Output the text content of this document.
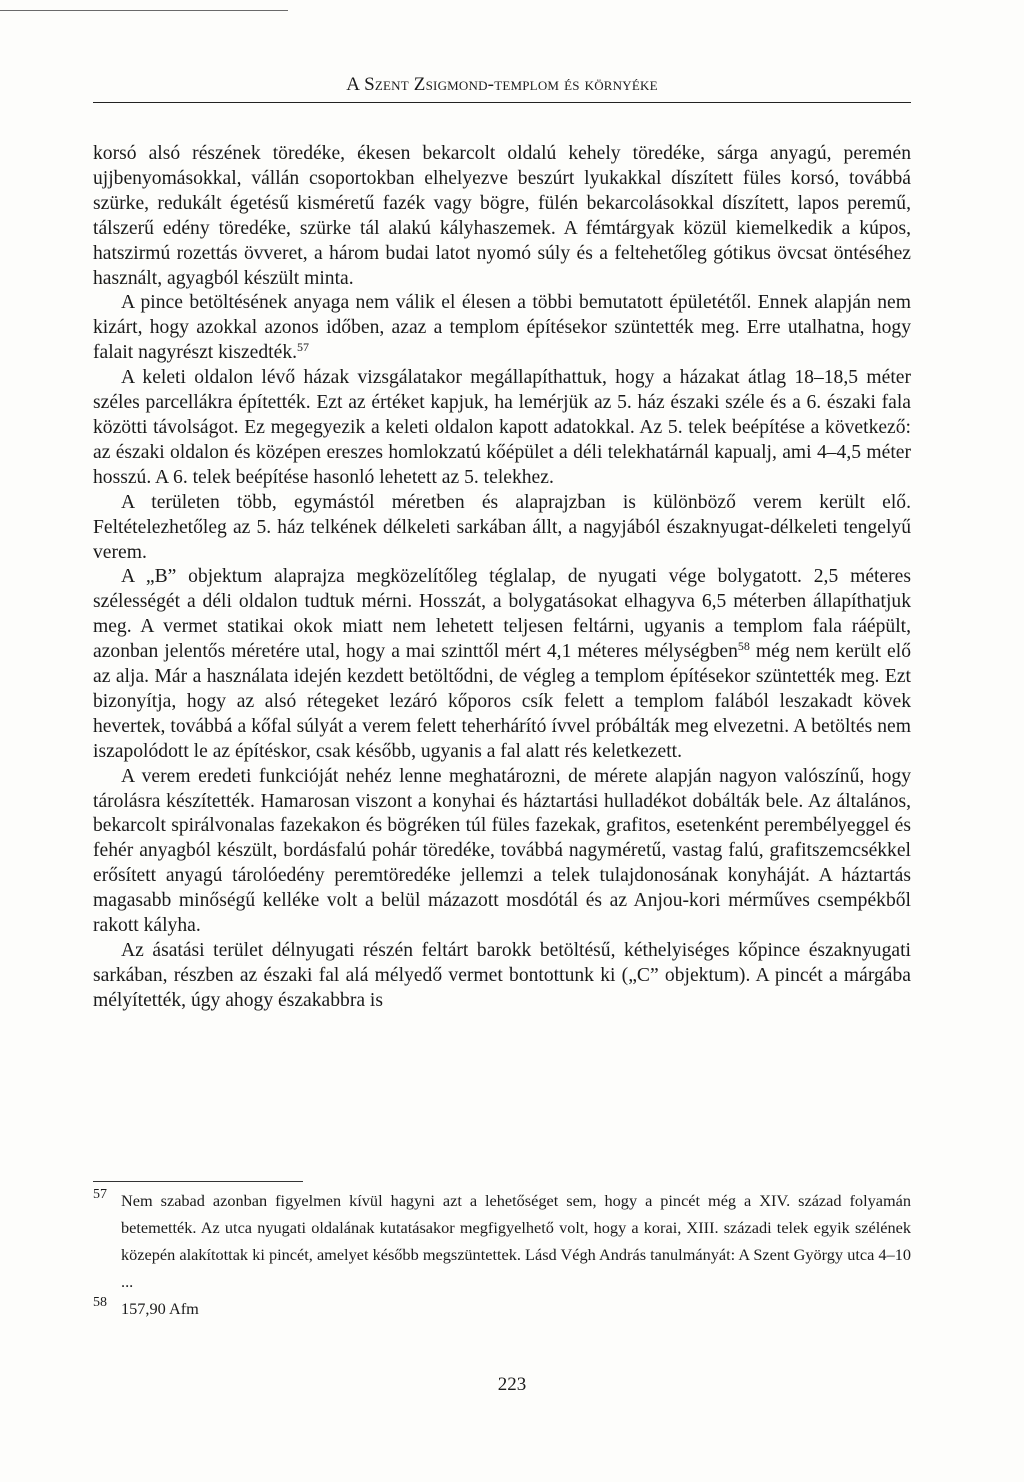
A Szent Zsigmond-templom és környéke

korsó alsó részének töredéke, ékesen bekarcolt oldalú kehely töredéke, sárga anyagú, peremén ujjbenyomásokkal, vállán csoportokban elhelyezve beszúrt lyukakkal díszített füles korsó, továbbá szürke, redukált égetésű kisméretű fazék vagy bögre, fülén bekarcolásokkal díszített, lapos peremű, tálszerű edény töredéke, szürke tál alakú kályhaszemek. A fémtárgyak közül kiemelkedik a kúpos, hatszirmú rozettás övveret, a három budai latot nyomó súly és a feltehetőleg gótikus övcsat öntéséhez használt, agyagból készült minta.

A pince betöltésének anyaga nem válik el élesen a többi bemutatott épületétől. Ennek alapján nem kizárt, hogy azokkal azonos időben, azaz a templom építésekor szüntették meg. Erre utalhatna, hogy falait nagyrészt kiszedték.$^{57}$

A keleti oldalon lévő házak vizsgálatakor megállapíthattuk, hogy a házakat átlag 18–18,5 méter széles parcellákra építették. Ezt az értéket kapjuk, ha lemérjük az 5. ház északi széle és a 6. északi fala közötti távolságot. Ez megegyezik a keleti oldalon kapott adatokkal. Az 5. telek beépítése a következő: az északi oldalon és középen ereszes homlokzatú kőépület a déli telekhatárnál kapualj, ami 4–4,5 méter hosszú. A 6. telek beépítése hasonló lehetett az 5. telekhez.

A területen több, egymástól méretben és alaprajzban is különböző verem került elő. Feltételezhetőleg az 5. ház telkének délkeleti sarkában állt, a nagyjából északnyugat-délkeleti tengelyű verem.

A „B” objektum alaprajza megközelítőleg téglalap, de nyugati vége bolygatott. 2,5 méteres szélességét a déli oldalon tudtuk mérni. Hosszát, a bolygatásokat elhagyva 6,5 méterben állapíthatjuk meg. A vermet statikai okok miatt nem lehetett teljesen feltárni, ugyanis a templom fala ráépült, azonban jelentős méretére utal, hogy a mai szinttől mért 4,1 méteres mélységben$^{58}$ még nem került elő az alja. Már a használata idején kezdett betöltődni, de végleg a templom építésekor szüntették meg. Ezt bizonyítja, hogy az alsó rétegeket lezáró kőporos csík felett a templom falából leszakadt kövek hevertek, továbbá a kőfal súlyát a verem felett teherhárító ívvel próbálták meg elvezetni. A betöltés nem iszapolódott le az építéskor, csak később, ugyanis a fal alatt rés keletkezett.

A verem eredeti funkcióját nehéz lenne meghatározni, de mérete alapján nagyon valószínű, hogy tárolásra készítették. Hamarosan viszont a konyhai és háztartási hulladékot dobálták bele. Az általános, bekarcolt spirálvonalas fazekakon és bögréken túl füles fazekak, grafitos, esetenként perembélyeggel és fehér anyagból készült, bordásfalú pohár töredéke, továbbá nagyméretű, vastag falú, grafitszemcsékkel erősített anyagú tárolóedény peremtöredéke jellemzi a telek tulajdonosának konyháját. A háztartás magasabb minőségű kelléke volt a belül mázazott mosdótál és az Anjou-kori mérműves csempékből rakott kályha.

Az ásatási terület délnyugati részén feltárt barokk betöltésű, kéthelyiséges kőpince északnyugati sarkában, részben az északi fal alá mélyedő vermet bontottunk ki („C” objektum). A pincét a márgába mélyítették, úgy ahogy északabbra is

57 Nem szabad azonban figyelmen kívül hagyni azt a lehetőséget sem, hogy a pincét még a XIV. század folyamán betemették. Az utca nyugati oldalának kutatásakor megfigyelhető volt, hogy a korai, XIII. századi telek egyik szélének közepén alakítottak ki pincét, amelyet később megszüntettek. Lásd Végh András tanulmányát: A Szent György utca 4–10 ...
58 157,90 Afm
223
